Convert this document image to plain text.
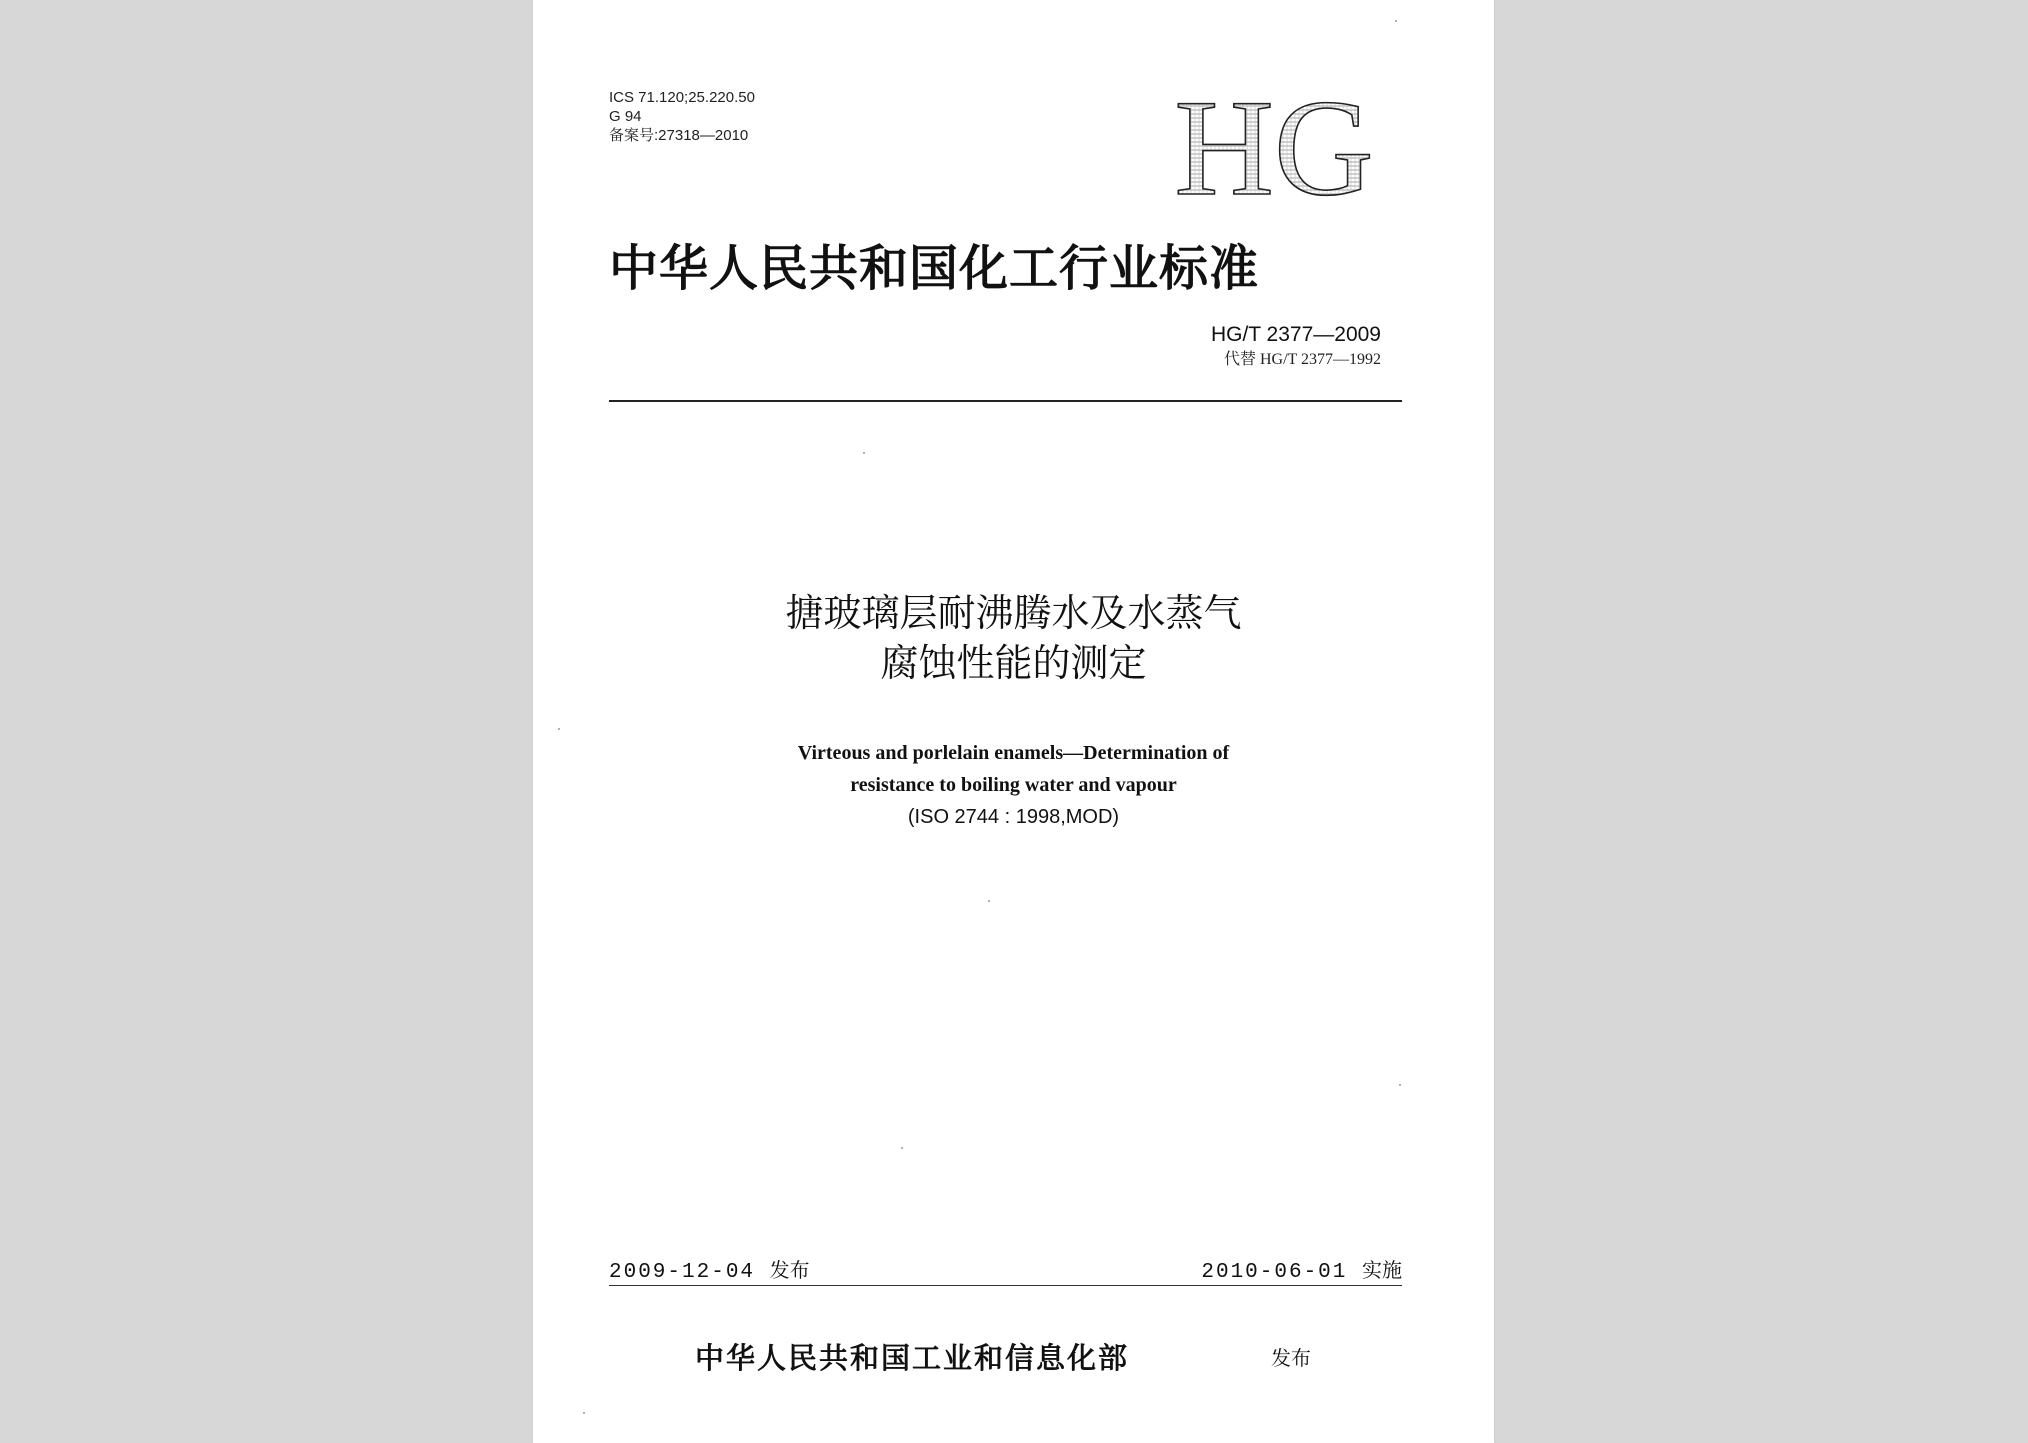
ICS 71.120;25.220.50
G 94
备案号:27318—2010	HG
中华人民共和国化工行业标准
HG/T 2377—2009
代替 HG/T 2377—1992
搪玻璃层耐沸腾水及水蒸气
腐蚀性能的测定
Virteous and porlelain enamels—Determination of
resistance to boiling water and vapour
(ISO 2744 : 1998,MOD)
2009-12-04 发布	2010-06-01 实施
中华人民共和国工业和信息化部	发布
